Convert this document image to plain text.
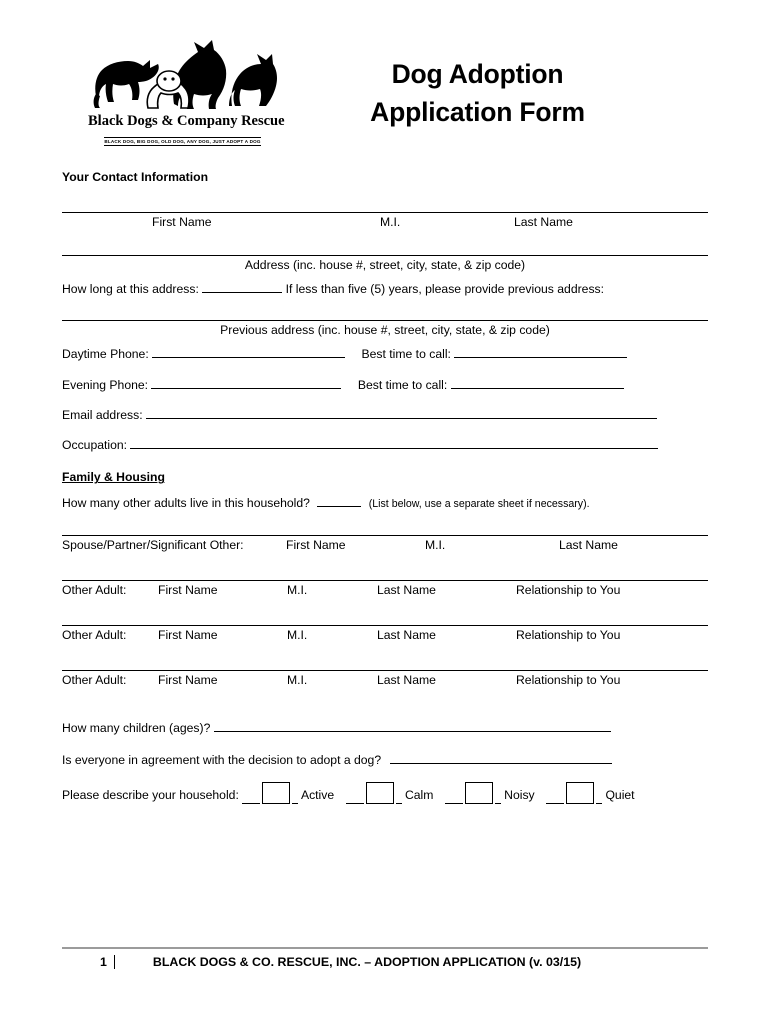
Black Dogs & Company Rescue
BLACK DOG, BIG DOG, OLD DOG, ANY DOG, JUST ADOPT A DOG
Dog Adoption
Application Form
Your Contact Information
First Name	M.I.	Last Name
Address (inc. house #, street, city, state, & zip code)
How long at this address:	If less than five (5) years, please provide previous address:
Previous address (inc. house #, street, city, state, & zip code)
Daytime Phone:	Best time to call:
Evening Phone:	Best time to call:
Email address:
Occupation:
Family & Housing
How many other adults live in this household?	(List below, use a separate sheet if necessary).
Spouse/Partner/Significant Other:	First Name	M.I.	Last Name
Other Adult:	First Name	M.I.	Last Name	Relationship to You
Other Adult:	First Name	M.I.	Last Name	Relationship to You
Other Adult:	First Name	M.I.	Last Name	Relationship to You
How many children (ages)?
Is everyone in agreement with the decision to adopt a dog?
Please describe your household:	Active	Calm	Noisy	Quiet
1	BLACK DOGS & CO. RESCUE, INC. – ADOPTION APPLICATION (v. 03/15)
